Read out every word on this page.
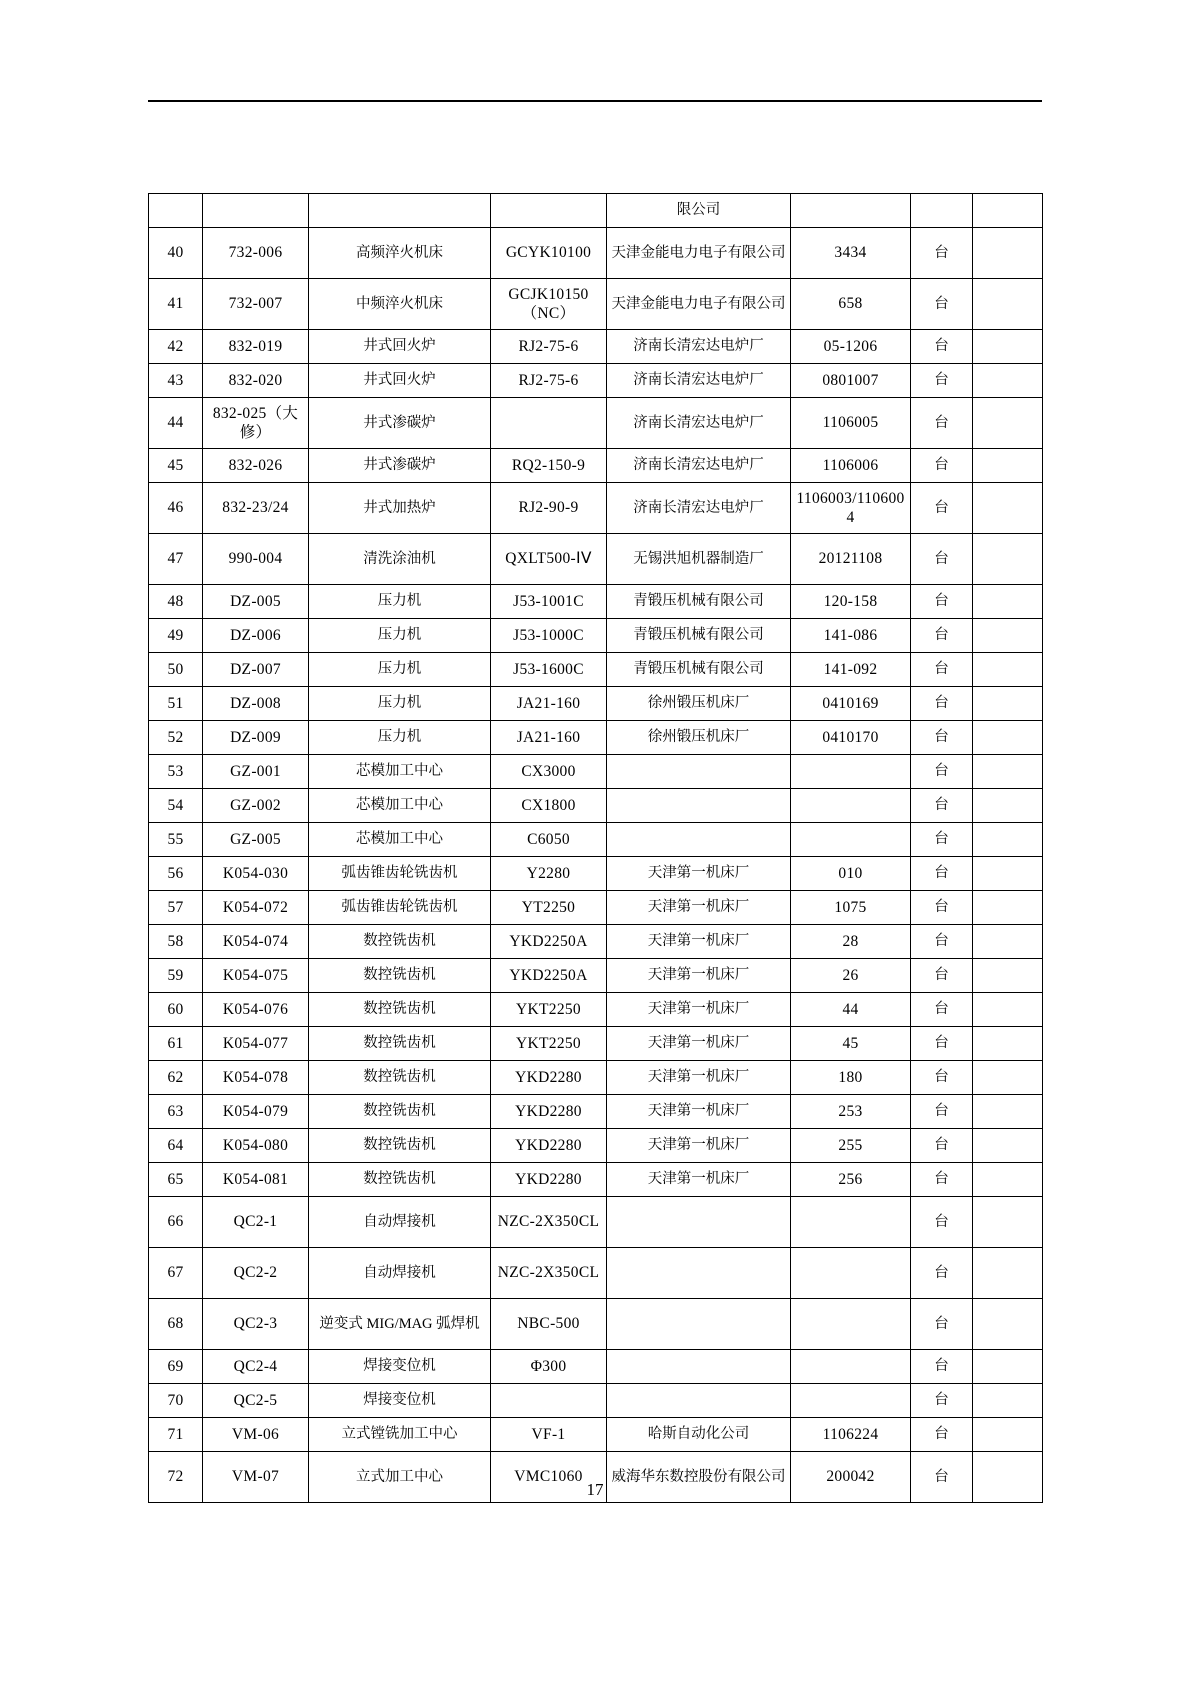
				限公司			
40	732-006	高频淬火机床	GCYK10100	天津金能电力电子有限公司	3434	台	
41	732-007	中频淬火机床	GCJK10150（NC）	天津金能电力电子有限公司	658	台	
42	832-019	井式回火炉	RJ2-75-6	济南长清宏达电炉厂	05-1206	台	
43	832-020	井式回火炉	RJ2-75-6	济南长清宏达电炉厂	0801007	台	
44	832-025（大修）	井式渗碳炉		济南长清宏达电炉厂	1106005	台	
45	832-026	井式渗碳炉	RQ2-150-9	济南长清宏达电炉厂	1106006	台	
46	832-23/24	井式加热炉	RJ2-90-9	济南长清宏达电炉厂	1106003/1106004	台	
47	990-004	清洗涂油机	QXLT500-ⅠⅤ	无锡洪旭机器制造厂	20121108	台	
48	DZ-005	压力机	J53-1001C	青锻压机械有限公司	120-158	台	
49	DZ-006	压力机	J53-1000C	青锻压机械有限公司	141-086	台	
50	DZ-007	压力机	J53-1600C	青锻压机械有限公司	141-092	台	
51	DZ-008	压力机	JA21-160	徐州锻压机床厂	0410169	台	
52	DZ-009	压力机	JA21-160	徐州锻压机床厂	0410170	台	
53	GZ-001	芯模加工中心	CX3000			台	
54	GZ-002	芯模加工中心	CX1800			台	
55	GZ-005	芯模加工中心	C6050			台	
56	K054-030	弧齿锥齿轮铣齿机	Y2280	天津第一机床厂	010	台	
57	K054-072	弧齿锥齿轮铣齿机	YT2250	天津第一机床厂	1075	台	
58	K054-074	数控铣齿机	YKD2250A	天津第一机床厂	28	台	
59	K054-075	数控铣齿机	YKD2250A	天津第一机床厂	26	台	
60	K054-076	数控铣齿机	YKT2250	天津第一机床厂	44	台	
61	K054-077	数控铣齿机	YKT2250	天津第一机床厂	45	台	
62	K054-078	数控铣齿机	YKD2280	天津第一机床厂	180	台	
63	K054-079	数控铣齿机	YKD2280	天津第一机床厂	253	台	
64	K054-080	数控铣齿机	YKD2280	天津第一机床厂	255	台	
65	K054-081	数控铣齿机	YKD2280	天津第一机床厂	256	台	
66	QC2-1	自动焊接机	NZC-2X350CL			台	
67	QC2-2	自动焊接机	NZC-2X350CL			台	
68	QC2-3	逆变式 MIG/MAG 弧焊机	NBC-500			台	
69	QC2-4	焊接变位机	Φ300			台	
70	QC2-5	焊接变位机				台	
71	VM-06	立式镗铣加工中心	VF-1	哈斯自动化公司	1106224	台	
72	VM-07	立式加工中心	VMC1060	威海华东数控股份有限公司	200042	台	
17
